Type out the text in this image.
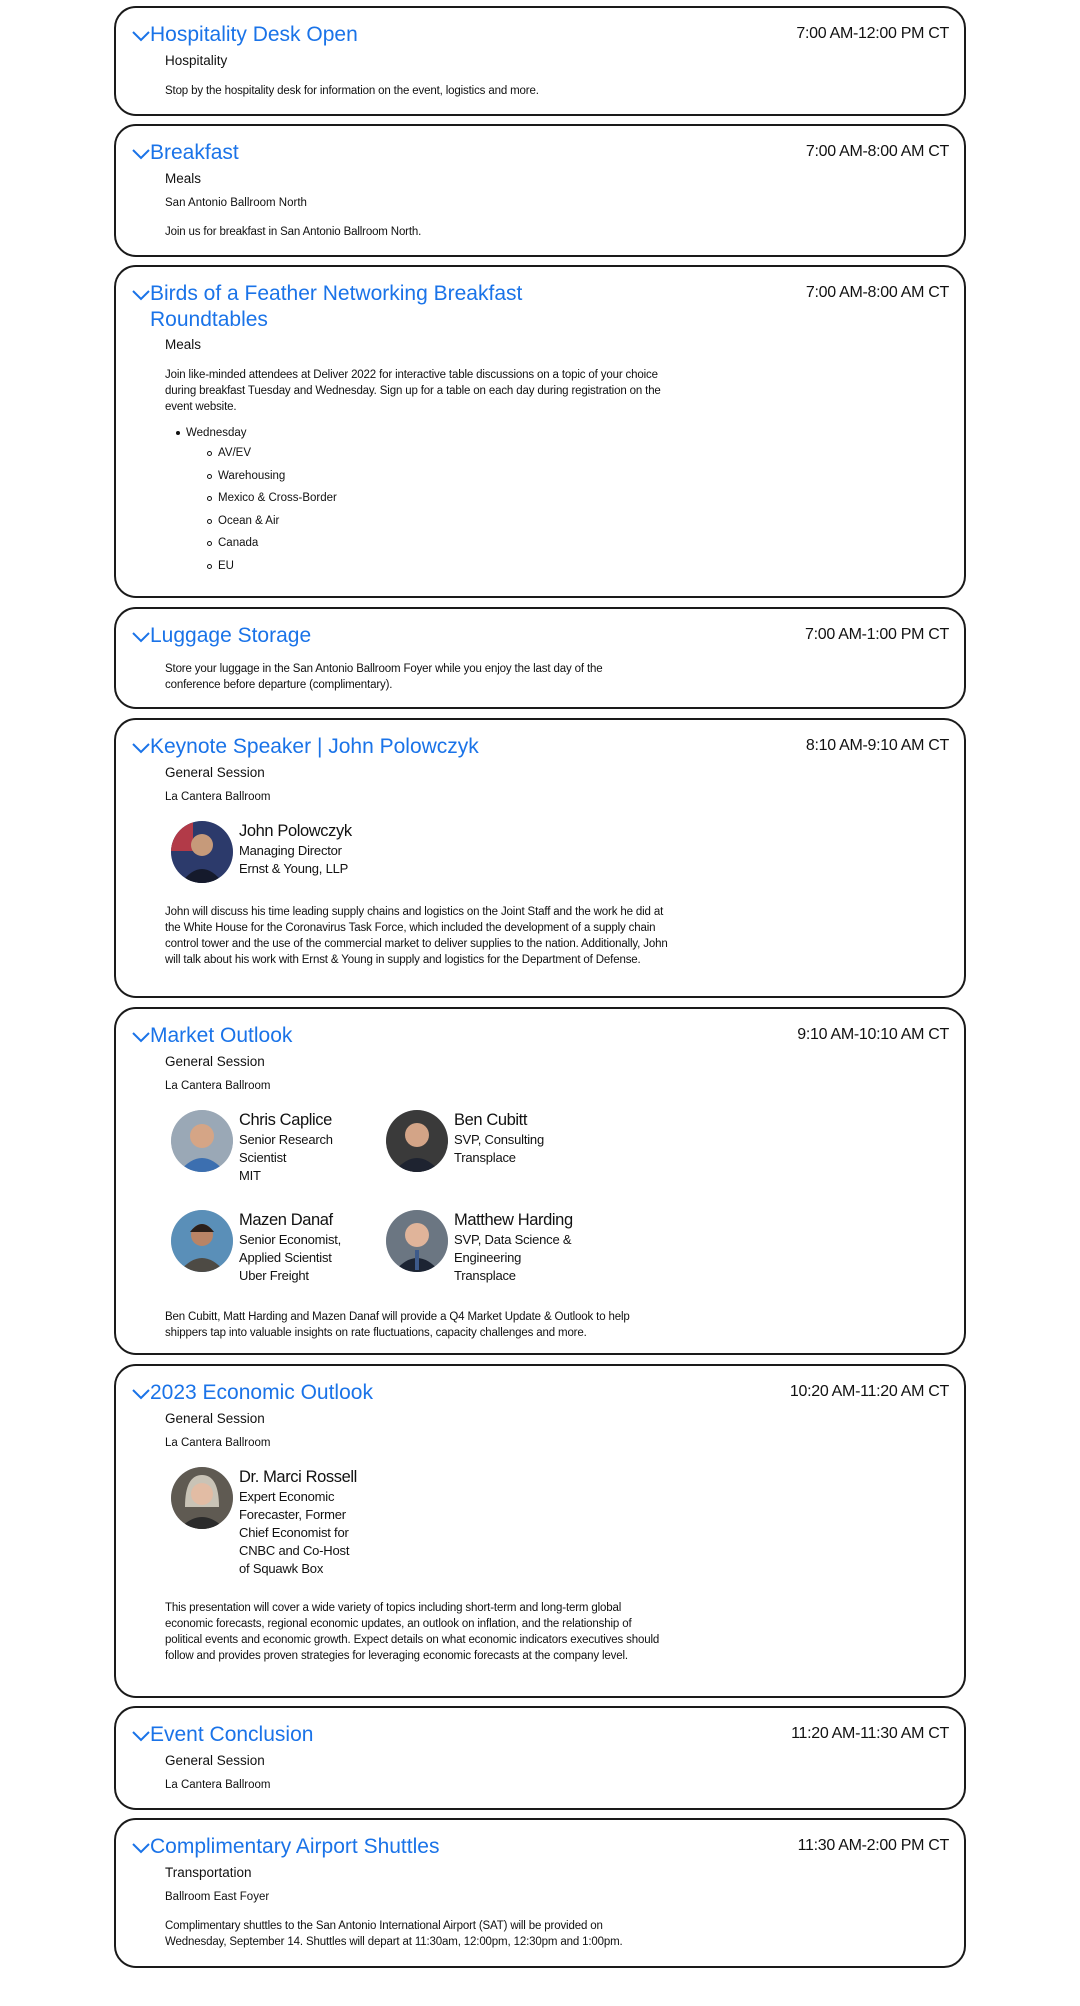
Hospitality Desk Open	7:00 AM-12:00 PM CT
Hospitality

Stop by the hospitality desk for information on the event, logistics and more.

Breakfast	7:00 AM-8:00 AM CT
Meals
San Antonio Ballroom North

Join us for breakfast in San Antonio Ballroom North.

Birds of a Feather Networking Breakfast Roundtables
7:00 AM-8:00 AM CT
Meals

Join like-minded attendees at Deliver 2022 for interactive table discussions on a topic of your choice during breakfast Tuesday and Wednesday. Sign up for a table on each day during registration on the event website.

Wednesday
AV/EV
Warehousing
Mexico & Cross-Border
Ocean & Air
Canada
EU
Luggage Storage	7:00 AM-1:00 PM CT

Store your luggage in the San Antonio Ballroom Foyer while you enjoy the last day of the conference before departure (complimentary).

Keynote Speaker | John Polowczyk	8:10 AM-9:10 AM CT
General Session
La Cantera Ballroom
John Polowczyk
Managing Director
Ernst & Young, LLP

John will discuss his time leading supply chains and logistics on the Joint Staff and the work he did at the White House for the Coronavirus Task Force, which included the development of a supply chain control tower and the use of the commercial market to deliver supplies to the nation. Additionally, John will talk about his work with Ernst & Young in supply and logistics for the Department of Defense.

Market Outlook	9:10 AM-10:10 AM CT
General Session
La Cantera Ballroom
Chris Caplice
Senior Research Scientist
MIT
Ben Cubitt
SVP, Consulting
Transplace
Mazen Danaf
Senior Economist, Applied Scientist
Uber Freight
Matthew Harding
SVP, Data Science & Engineering
Transplace

Ben Cubitt, Matt Harding and Mazen Danaf will provide a Q4 Market Update & Outlook to help shippers tap into valuable insights on rate fluctuations, capacity challenges and more.

2023 Economic Outlook	10:20 AM-11:20 AM CT
General Session
La Cantera Ballroom
Dr. Marci Rossell
Expert Economic Forecaster, Former Chief Economist for CNBC and Co-Host of Squawk Box

This presentation will cover a wide variety of topics including short-term and long-term global economic forecasts, regional economic updates, an outlook on inflation, and the relationship of political events and economic growth. Expect details on what economic indicators executives should follow and provides proven strategies for leveraging economic forecasts at the company level.

Event Conclusion	11:20 AM-11:30 AM CT
General Session
La Cantera Ballroom
Complimentary Airport Shuttles	11:30 AM-2:00 PM CT
Transportation
Ballroom East Foyer

Complimentary shuttles to the San Antonio International Airport (SAT) will be provided on Wednesday, September 14. Shuttles will depart at 11:30am, 12:00pm, 12:30pm and 1:00pm.
